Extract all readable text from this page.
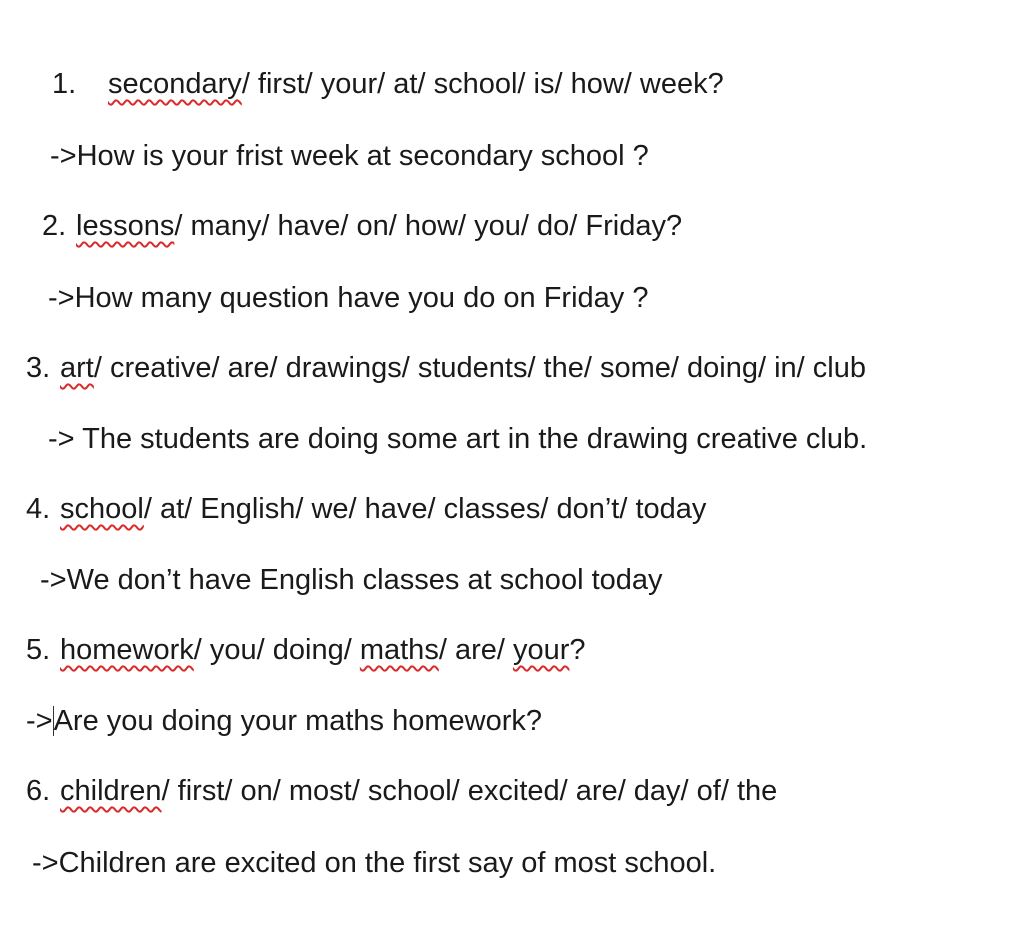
1. secondary/ first/ your/ at/ school/ is/ how/ week?
->How is your frist week at secondary school ?
2. lessons/ many/ have/ on/ how/ you/ do/ Friday?
->How many question have you do on Friday ?
3. art/ creative/ are/ drawings/ students/ the/ some/ doing/ in/ club
-> The students are doing some art in the drawing creative club.
4. school/ at/ English/ we/ have/ classes/ don’t/ today
->We don’t have English classes at school today
5. homework/ you/ doing/ maths/ are/ your?
->Are you doing your maths homework?
6. children/ first/ on/ most/ school/ excited/ are/ day/ of/ the
->Children are excited on the first say of most school.
